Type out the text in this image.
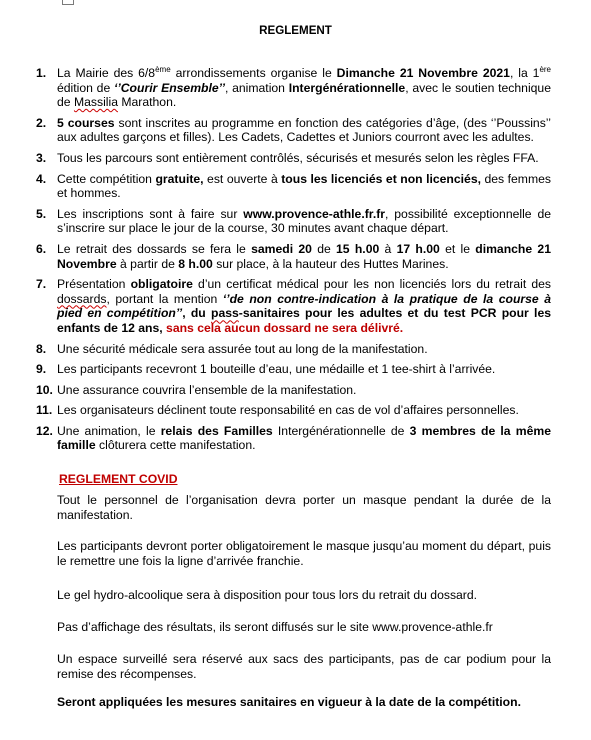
REGLEMENT
1. La Mairie des 6/8ème arrondissements organise le Dimanche 21 Novembre 2021, la 1ère édition de ‘’Courir Ensemble’’, animation Intergénérationnelle, avec le soutien technique de Massilia Marathon.
2. 5 courses sont inscrites au programme en fonction des catégories d’âge, (des ‘’Poussins’’ aux adultes garçons et filles). Les Cadets, Cadettes et Juniors courront avec les adultes.
3. Tous les parcours sont entièrement contrôlés, sécurisés et mesurés selon les règles FFA.
4. Cette compétition gratuite, est ouverte à tous les licenciés et non licenciés, des femmes et hommes.
5. Les inscriptions sont à faire sur www.provence-athle.fr.fr, possibilité exceptionnelle de s’inscrire sur place le jour de la course, 30 minutes avant chaque départ.
6. Le retrait des dossards se fera le samedi 20 de 15 h.00 à 17 h.00 et le dimanche 21 Novembre à partir de 8 h.00 sur place, à la hauteur des Huttes Marines.
7. Présentation obligatoire d’un certificat médical pour les non licenciés lors du retrait des dossards, portant la mention ‘’de non contre-indication à la pratique de la course à pied en compétition’’, du pass-sanitaires pour les adultes et du test PCR pour les enfants de 12 ans, sans cela aucun dossard ne sera délivré.
8. Une sécurité médicale sera assurée tout au long de la manifestation.
9. Les participants recevront 1 bouteille d’eau, une médaille et 1 tee-shirt à l’arrivée.
10. Une assurance couvrira l’ensemble de la manifestation.
11. Les organisateurs déclinent toute responsabilité en cas de vol d’affaires personnelles.
12. Une animation, le relais des Familles Intergénérationnelle de 3 membres de la même famille clôturera cette manifestation.
REGLEMENT COVID

Tout le personnel de l’organisation devra porter un masque pendant la durée de la manifestation.

Les participants devront porter obligatoirement le masque jusqu’au moment du départ, puis le remettre une fois la ligne d’arrivée franchie.

Le gel hydro-alcoolique sera à disposition pour tous lors du retrait du dossard.

Pas d’affichage des résultats, ils seront diffusés sur le site www.provence-athle.fr

Un espace surveillé sera réservé aux sacs des participants, pas de car podium pour la remise des récompenses.

Seront appliquées les mesures sanitaires en vigueur à la date de la compétition.
